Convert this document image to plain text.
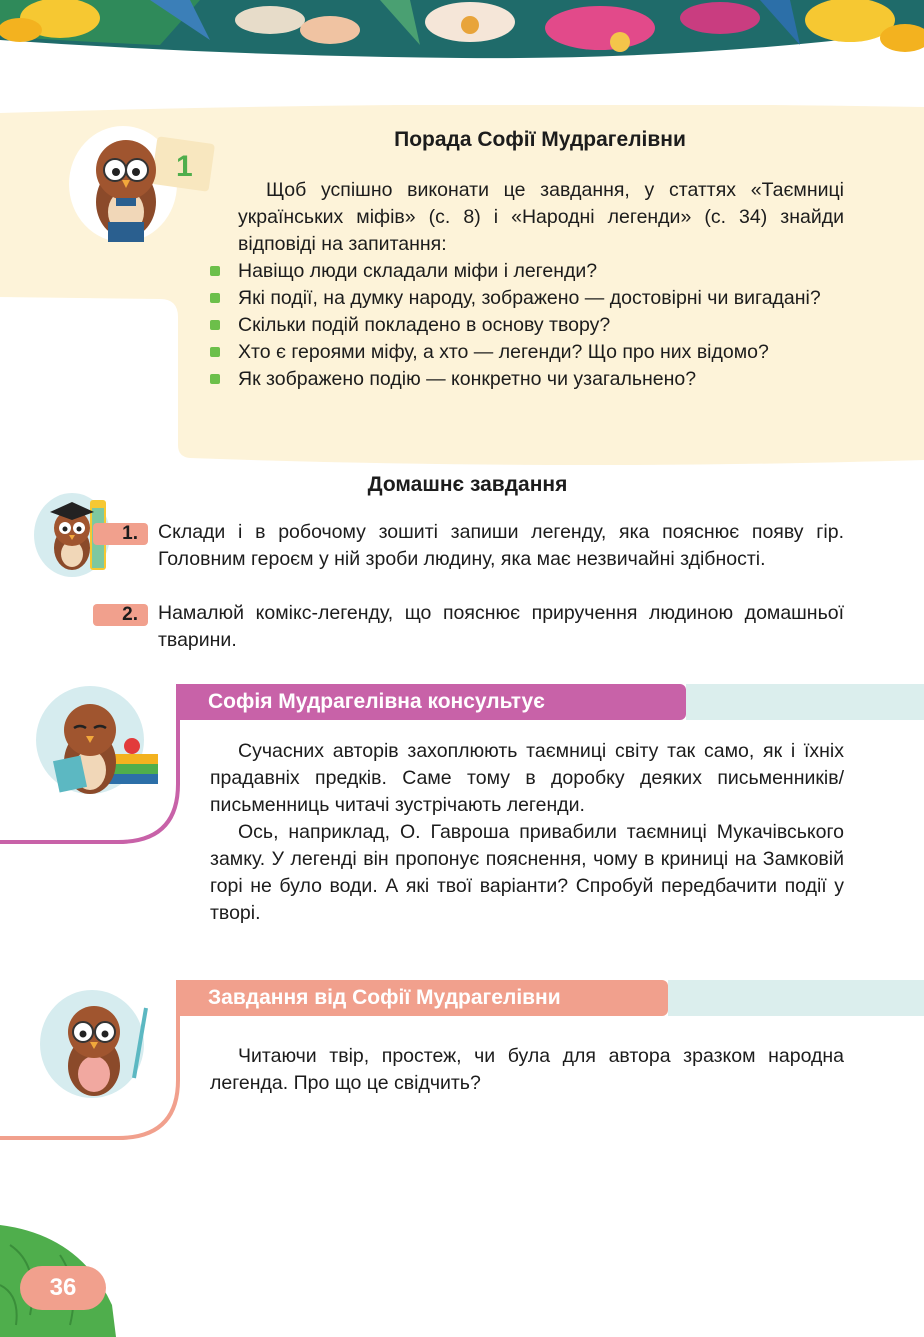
1
Порада Софії Мудрагелівни

Щоб успішно виконати це завдання, у статтях «Таємниці українських міфів» (с. 8) і «Народні легенди» (с. 34) знайди відповіді на запитання:

Навіщо люди складали міфи і легенди?
Які події, на думку народу, зображено — достовірні чи вигадані?
Скільки подій покладено в основу твору?
Хто є героями міфу, а хто — легенди? Що про них відомо?
Як зображено подію — конкретно чи узагальнено?
Домашнє завдання
1.	Склади і в робочому зошиті запиши легенду, яка пояснює появу гір. Головним героєм у ній зроби людину, яка має незвичайні здібності.

2.	Намалюй комікс-легенду, що пояснює приручення людиною домашньої тварини.

Софія Мудрагелівна консультує

Сучасних авторів захоплюють таємниці світу так само, як і їхніх прадавніх предків. Саме тому в доробку деяких письменників/письменниць читачі зустрічають легенди.

Ось, наприклад, О. Гавроша привабили таємниці Мукачівського замку. У легенді він пропонує пояснення, чому в криниці на Замковій горі не було води. А які твої варіанти? Спробуй передбачити події у творі.

Завдання від Софії Мудрагелівни

Читаючи твір, простеж, чи була для автора зразком народна легенда. Про що це свідчить?

36
